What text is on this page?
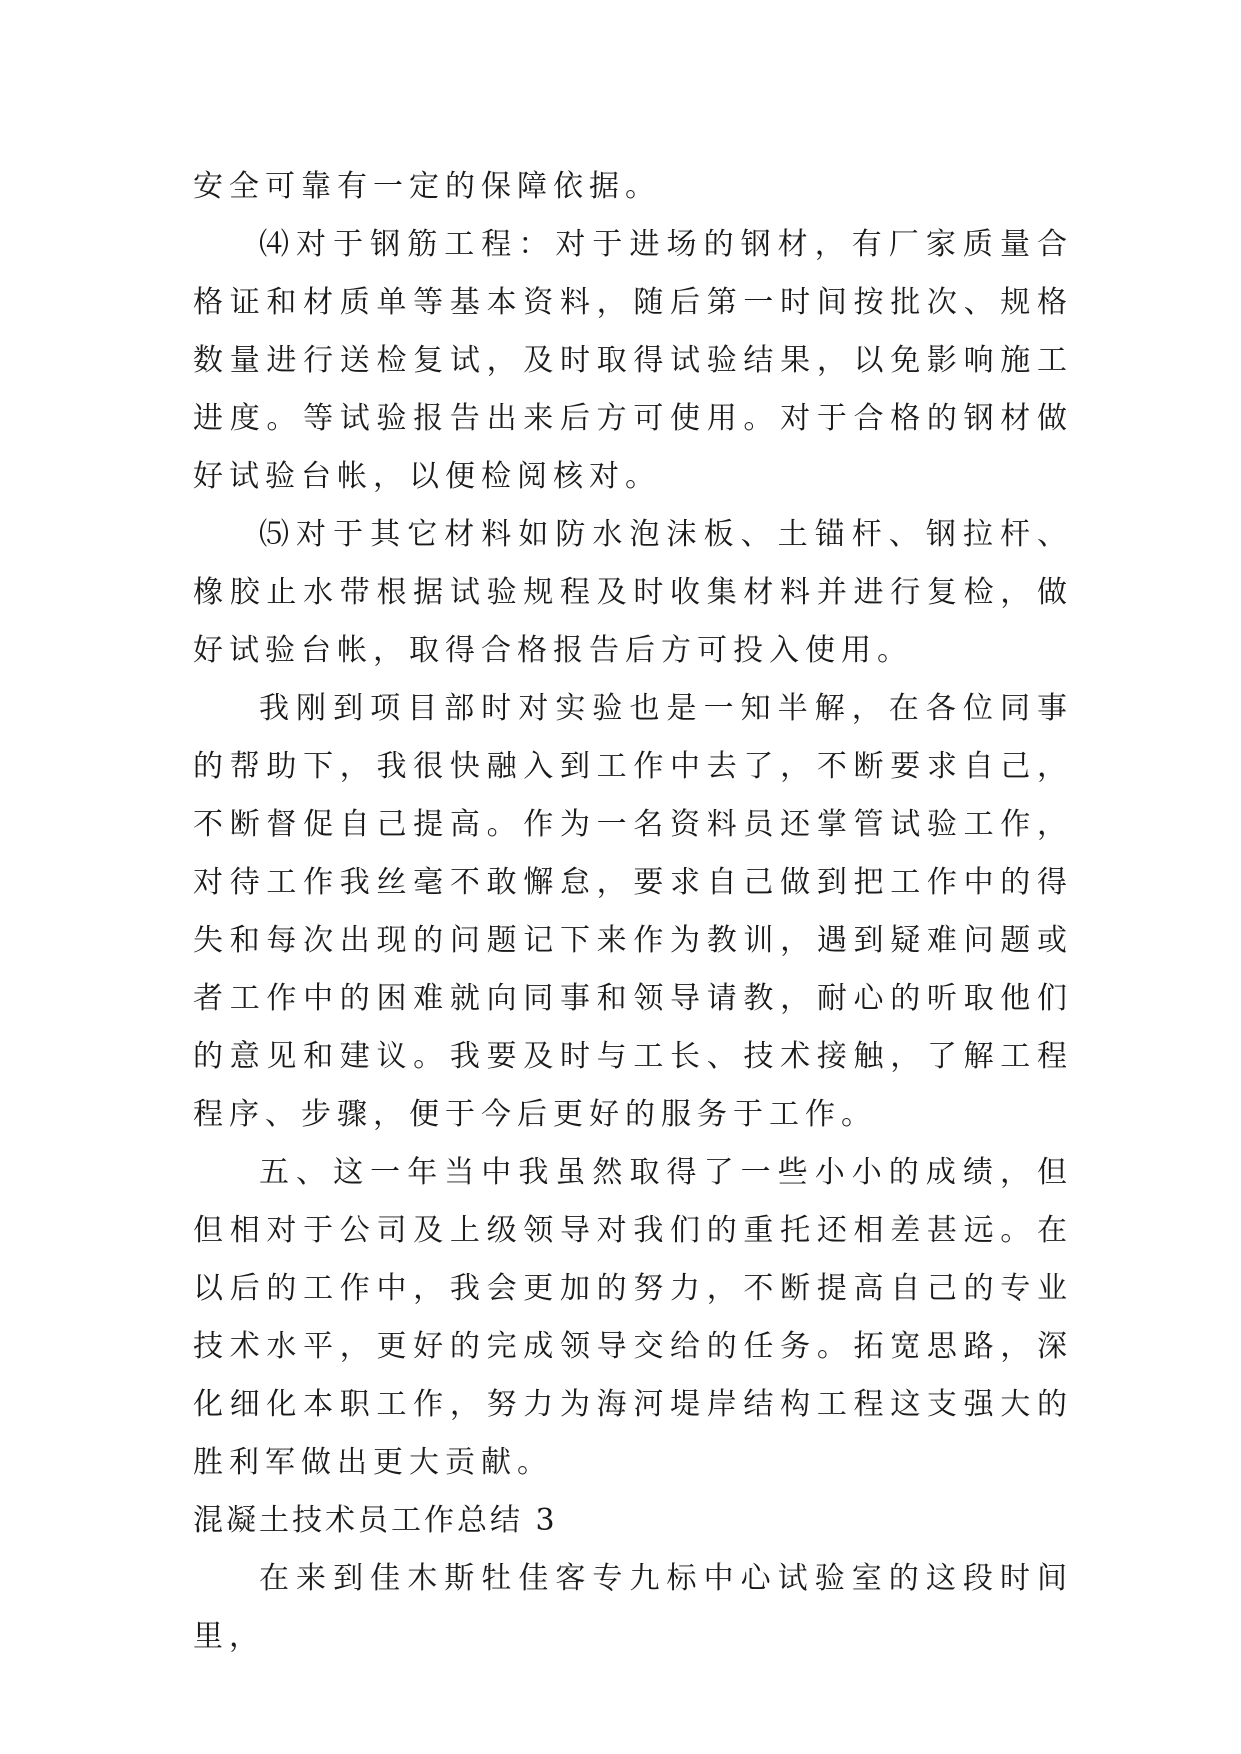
安全可靠有一定的保障依据。

⑷对于钢筋工程：对于进场的钢材，有厂家质量合格证和材质单等基本资料，随后第一时间按批次、规格数量进行送检复试，及时取得试验结果，以免影响施工进度。等试验报告出来后方可使用。对于合格的钢材做好试验台帐，以便检阅核对。

⑸对于其它材料如防水泡沫板、土锚杆、钢拉杆、橡胶止水带根据试验规程及时收集材料并进行复检，做好试验台帐，取得合格报告后方可投入使用。

我刚到项目部时对实验也是一知半解，在各位同事的帮助下，我很快融入到工作中去了，不断要求自己，不断督促自己提高。作为一名资料员还掌管试验工作，对待工作我丝毫不敢懈怠，要求自己做到把工作中的得失和每次出现的问题记下来作为教训，遇到疑难问题或者工作中的困难就向同事和领导请教，耐心的听取他们的意见和建议。我要及时与工长、技术接触，了解工程程序、步骤，便于今后更好的服务于工作。

五、这一年当中我虽然取得了一些小小的成绩，但但相对于公司及上级领导对我们的重托还相差甚远。在以后的工作中，我会更加的努力，不断提高自己的专业技术水平，更好的完成领导交给的任务。拓宽思路，深化细化本职工作，努力为海河堤岸结构工程这支强大的胜利军做出更大贡献。

混凝土技术员工作总结 3

在来到佳木斯牡佳客专九标中心试验室的这段时间里，
